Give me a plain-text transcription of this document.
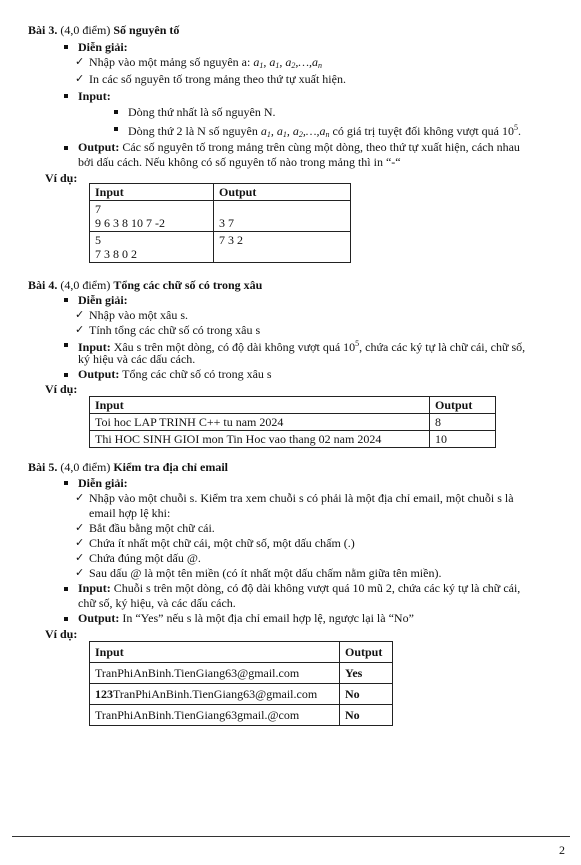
Bài 3. (4,0 điểm) Số nguyên tố
Diễn giải:
✓ Nhập vào một mảng số nguyên a: $a_1$, $a_1$, $a_2,\dots,a_n$
✓ In các số nguyên tố trong mảng theo thứ tự xuất hiện.
Input:
Dòng thứ nhất là số nguyên N.
Dòng thứ 2 là N số nguyên $a_1$, $a_1$, $a_2,\dots,a_n$ có giá trị tuyệt đối không vượt quá $10^5$.
Output: Các số nguyên tố trong mảng trên cùng một dòng, theo thứ tự xuất hiện, cách nhau
bởi dấu cách. Nếu không có số nguyên tố nào trong mảng thì in “-“
Ví dụ:
Input	Output

7
9 6 3 8 10 7 -2	3 7

5
7 3 8 0 2	7 3 2
Bài 4. (4,0 điểm) Tổng các chữ số có trong xâu
Diễn giải:
✓ Nhập vào một xâu s.
✓ Tính tổng các chữ số có trong xâu s
Input: Xâu s trên một dòng, có độ dài không vượt quá $10^5$, chứa các ký tự là chữ cái, chữ số,
ký hiệu và các dấu cách.
Output: Tổng các chữ số có trong xâu s
Ví dụ:
Input	Output
Toi hoc LAP TRINH C++ tu nam 2024	8
Thi HOC SINH GIOI mon Tin Hoc vao thang 02 nam 2024	10
Bài 5. (4,0 điểm) Kiểm tra địa chỉ email
Diễn giải:
✓ Nhập vào một chuỗi s. Kiểm tra xem chuỗi s có phải là một địa chỉ email, một chuỗi s là
email hợp lệ khi:
✓ Bắt đầu bằng một chữ cái.
✓ Chứa ít nhất một chữ cái, một chữ số, một dấu chấm (.)
✓ Chứa đúng một dấu @.
✓ Sau dấu @ là một tên miền (có ít nhất một dấu chấm nằm giữa tên miền).
Input: Chuỗi s trên một dòng, có độ dài không vượt quá 10 mũ 2, chứa các ký tự là chữ cái,
chữ số, ký hiệu, và các dấu cách.
Output: In “Yes” nếu s là một địa chỉ email hợp lệ, ngược lại là “No”
Ví dụ:
Input	Output
TranPhiAnBinh.TienGiang63@gmail.com	Yes
123TranPhiAnBinh.TienGiang63@gmail.com	No
TranPhiAnBinh.TienGiang63gmail.@com	No
2
